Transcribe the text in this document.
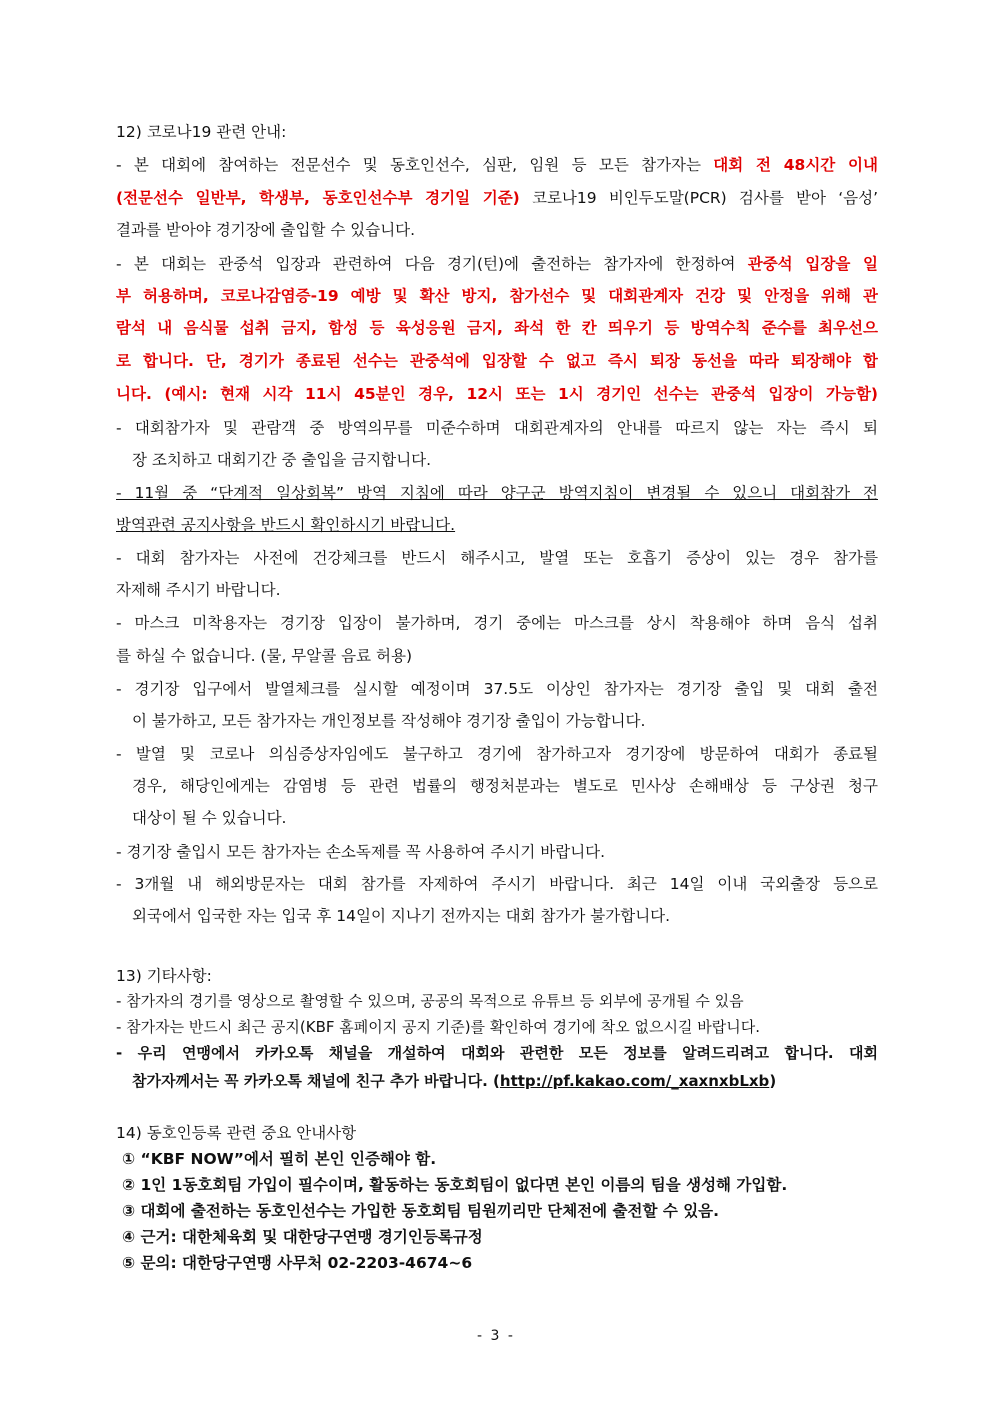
12) 코로나19 관련 안내:
- 본 대회에 참여하는 전문선수 및 동호인선수, 심판, 임원 등 모든 참가자는 대회 전 48시간 이내
(전문선수 일반부, 학생부, 동호인선수부 경기일 기준) 코로나19 비인두도말(PCR) 검사를 받아 ‘음성’
결과를 받아야 경기장에 출입할 수 있습니다.
- 본 대회는 관중석 입장과 관련하여 다음 경기(턴)에 출전하는 참가자에 한정하여 관중석 입장을 일
부 허용하며, 코로나감염증-19 예방 및 확산 방지, 참가선수 및 대회관계자 건강 및 안정을 위해 관
람석 내 음식물 섭취 금지, 함성 등 육성응원 금지, 좌석 한 칸 띄우기 등 방역수칙 준수를 최우선으
로 합니다. 단, 경기가 종료된 선수는 관중석에 입장할 수 없고 즉시 퇴장 동선을 따라 퇴장해야 합
니다. (예시: 현재 시각 11시 45분인 경우, 12시 또는 1시 경기인 선수는 관중석 입장이 가능함)
- 대회참가자 및 관람객 중 방역의무를 미준수하며 대회관계자의 안내를 따르지 않는 자는 즉시 퇴
장 조치하고 대회기간 중 출입을 금지합니다.
- 11월 중 “단계적 일상회복” 방역 지침에 따라 양구군 방역지침이 변경될 수 있으니 대회참가 전
방역관련 공지사항을 반드시 확인하시기 바랍니다.
- 대회 참가자는 사전에 건강체크를 반드시 해주시고, 발열 또는 호흡기 증상이 있는 경우 참가를
자제해 주시기 바랍니다.
- 마스크 미착용자는 경기장 입장이 불가하며, 경기 중에는 마스크를 상시 착용해야 하며 음식 섭취
를 하실 수 없습니다. (물, 무알콜 음료 허용)
- 경기장 입구에서 발열체크를 실시할 예정이며 37.5도 이상인 참가자는 경기장 출입 및 대회 출전
이 불가하고, 모든 참가자는 개인정보를 작성해야 경기장 출입이 가능합니다.
- 발열 및 코로나 의심증상자임에도 불구하고 경기에 참가하고자 경기장에 방문하여 대회가 종료될
경우, 해당인에게는 감염병 등 관련 법률의 행정처분과는 별도로 민사상 손해배상 등 구상권 청구
대상이 될 수 있습니다.
- 경기장 출입시 모든 참가자는 손소독제를 꼭 사용하여 주시기 바랍니다.
- 3개월 내 해외방문자는 대회 참가를 자제하여 주시기 바랍니다. 최근 14일 이내 국외출장 등으로
외국에서 입국한 자는 입국 후 14일이 지나기 전까지는 대회 참가가 불가합니다.
13) 기타사항:
- 참가자의 경기를 영상으로 촬영할 수 있으며, 공공의 목적으로 유튜브 등 외부에 공개될 수 있음
- 참가자는 반드시 최근 공지(KBF 홈페이지 공지 기준)를 확인하여 경기에 착오 없으시길 바랍니다.
- 우리 연맹에서 카카오톡 채널을 개설하여 대회와 관련한 모든 정보를 알려드리려고 합니다. 대회
참가자께서는 꼭 카카오톡 채널에 친구 추가 바랍니다. (http://pf.kakao.com/_xaxnxbLxb)
14) 동호인등록 관련 중요 안내사항
① “KBF NOW”에서 필히 본인 인증해야 함.
② 1인 1동호회팀 가입이 필수이며, 활동하는 동호회팀이 없다면 본인 이름의 팀을 생성해 가입함.
③ 대회에 출전하는 동호인선수는 가입한 동호회팀 팀원끼리만 단체전에 출전할 수 있음.
④ 근거: 대한체육회 및 대한당구연맹 경기인등록규정
⑤ 문의: 대한당구연맹 사무처 02-2203-4674~6
- 3 -
